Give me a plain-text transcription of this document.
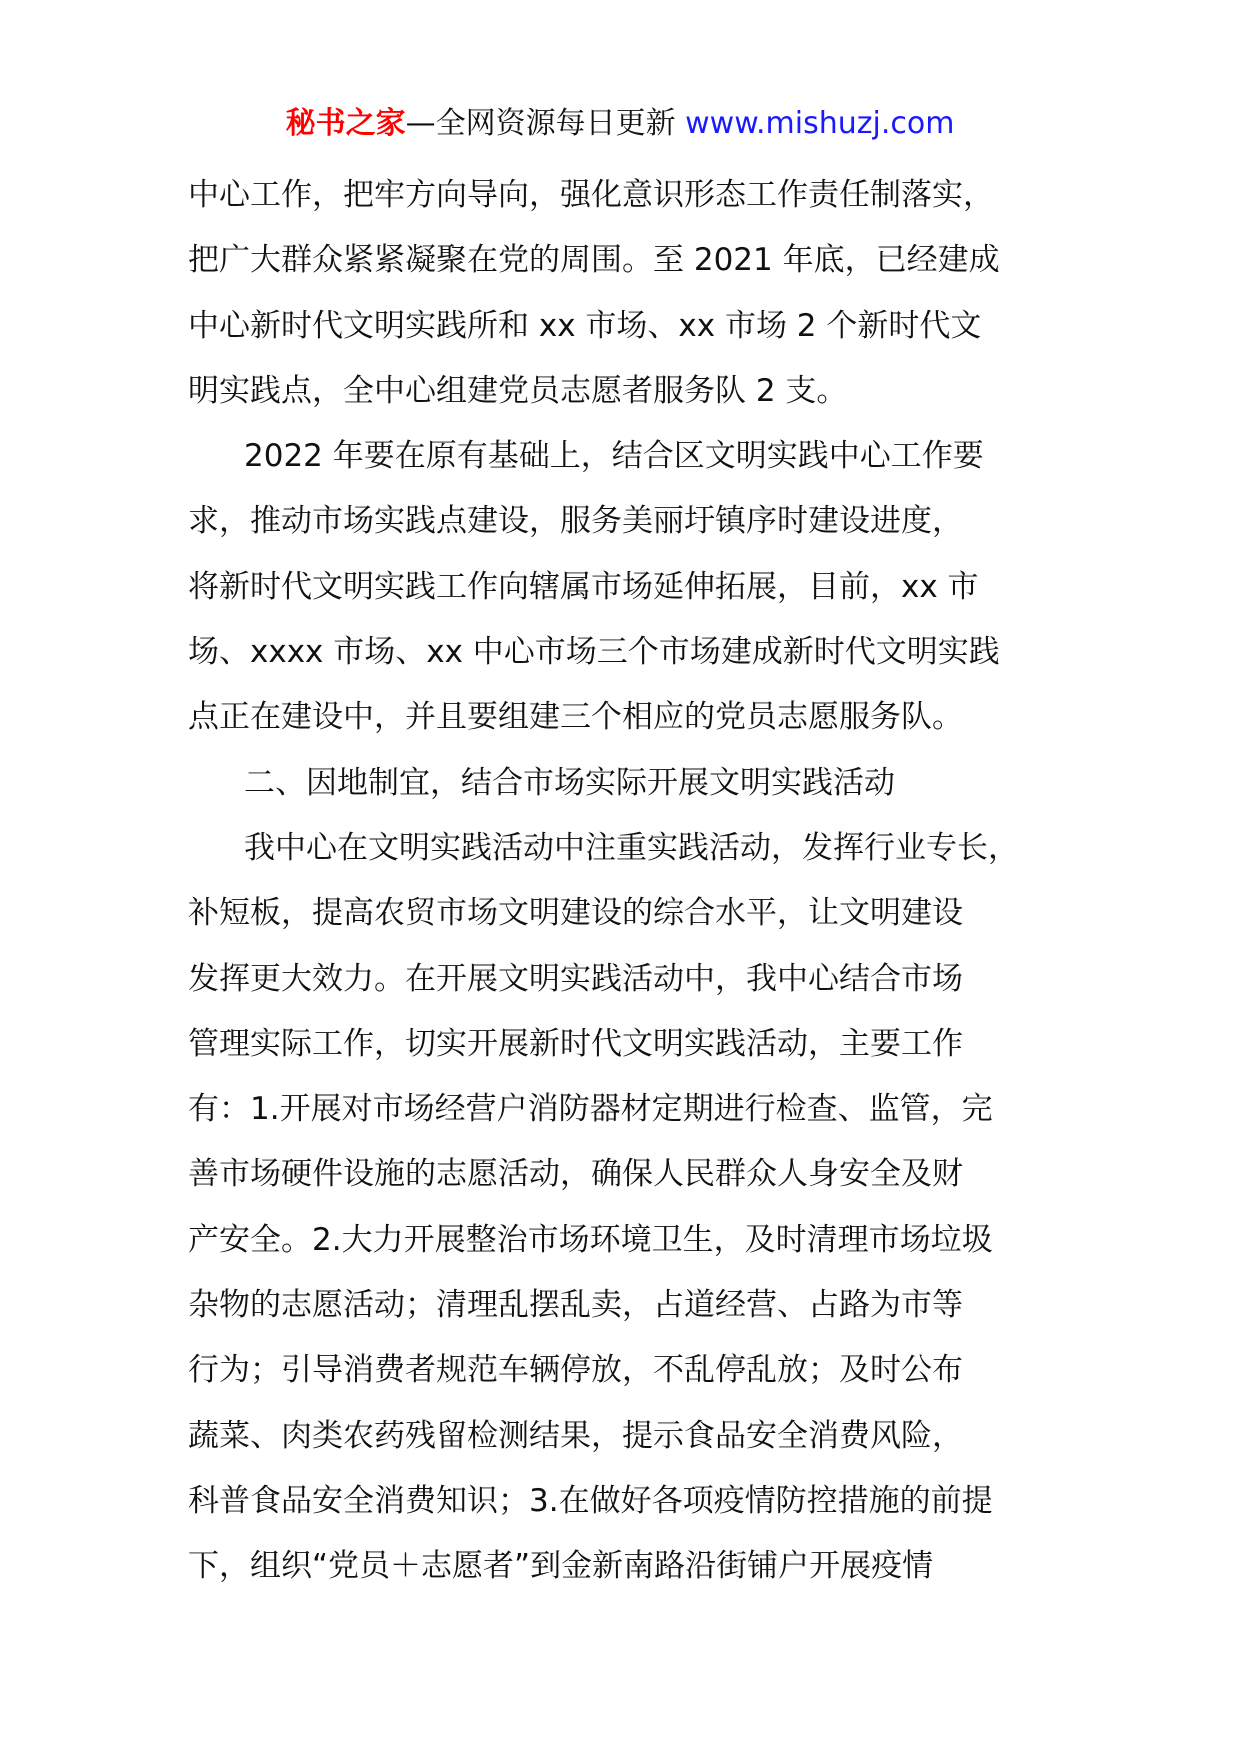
秘书之家—全网资源每日更新 www.mishuzj.com
中心工作，把牢方向导向，强化意识形态工作责任制落实，
把广大群众紧紧凝聚在党的周围。至 2021 年底，已经建成
中心新时代文明实践所和 xx 市场、xx 市场 2 个新时代文
明实践点，全中心组建党员志愿者服务队 2 支。
2022 年要在原有基础上，结合区文明实践中心工作要
求，推动市场实践点建设，服务美丽圩镇序时建设进度，
将新时代文明实践工作向辖属市场延伸拓展，目前，xx 市
场、xxxx 市场、xx 中心市场三个市场建成新时代文明实践
点正在建设中，并且要组建三个相应的党员志愿服务队。
二、因地制宜，结合市场实际开展文明实践活动
我中心在文明实践活动中注重实践活动，发挥行业专长，
补短板，提高农贸市场文明建设的综合水平，让文明建设
发挥更大效力。在开展文明实践活动中，我中心结合市场
管理实际工作，切实开展新时代文明实践活动，主要工作
有：1.开展对市场经营户消防器材定期进行检查、监管，完
善市场硬件设施的志愿活动，确保人民群众人身安全及财
产安全。2.大力开展整治市场环境卫生，及时清理市场垃圾
杂物的志愿活动；清理乱摆乱卖，占道经营、占路为市等
行为；引导消费者规范车辆停放，不乱停乱放；及时公布
蔬菜、肉类农药残留检测结果，提示食品安全消费风险，
科普食品安全消费知识；3.在做好各项疫情防控措施的前提
下，组织“党员＋志愿者”到金新南路沿街铺户开展疫情
